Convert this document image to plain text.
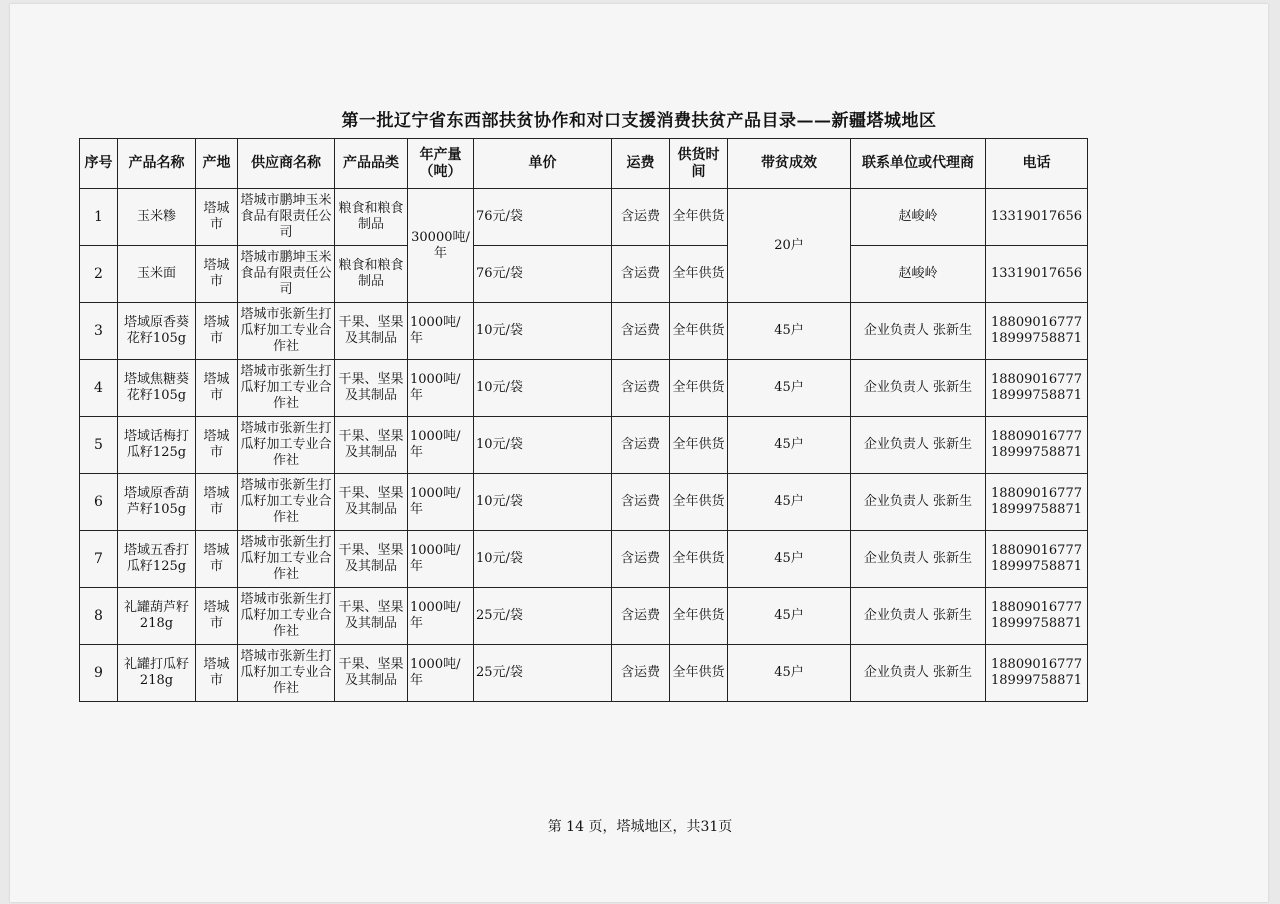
第一批辽宁省东西部扶贫协作和对口支援消费扶贫产品目录——新疆塔城地区
序号	产品名称	产地	供应商名称	产品品类	年产量（吨）	单价	运费	供货时间	带贫成效	联系单位或代理商	电话
1	玉米糁	塔城市	塔城市鹏坤玉米食品有限责任公司	粮食和粮食制品	30000吨/年	76元/袋	含运费	全年供货	20户	赵峻岭	13319017656
2	玉米面	塔城市	塔城市鹏坤玉米食品有限责任公司	粮食和粮食制品		76元/袋	含运费	全年供货		赵峻岭	13319017656
3	塔域原香葵花籽105g	塔城市	塔城市张新生打瓜籽加工专业合作社	干果、坚果及其制品	1000吨/年	10元/袋	含运费	全年供货	45户	企业负责人 张新生	18809016777
18999758871
4	塔域焦糖葵花籽105g	塔城市	塔城市张新生打瓜籽加工专业合作社	干果、坚果及其制品	1000吨/年	10元/袋	含运费	全年供货	45户	企业负责人 张新生	18809016777
18999758871
5	塔域话梅打瓜籽125g	塔城市	塔城市张新生打瓜籽加工专业合作社	干果、坚果及其制品	1000吨/年	10元/袋	含运费	全年供货	45户	企业负责人 张新生	18809016777
18999758871
6	塔域原香葫芦籽105g	塔城市	塔城市张新生打瓜籽加工专业合作社	干果、坚果及其制品	1000吨/年	10元/袋	含运费	全年供货	45户	企业负责人 张新生	18809016777
18999758871
7	塔域五香打瓜籽125g	塔城市	塔城市张新生打瓜籽加工专业合作社	干果、坚果及其制品	1000吨/年	10元/袋	含运费	全年供货	45户	企业负责人 张新生	18809016777
18999758871
8	礼罐葫芦籽218g	塔城市	塔城市张新生打瓜籽加工专业合作社	干果、坚果及其制品	1000吨/年	25元/袋	含运费	全年供货	45户	企业负责人 张新生	18809016777
18999758871
9	礼罐打瓜籽218g	塔城市	塔城市张新生打瓜籽加工专业合作社	干果、坚果及其制品	1000吨/年	25元/袋	含运费	全年供货	45户	企业负责人 张新生	18809016777
18999758871
第 14 页，塔城地区，共31页
